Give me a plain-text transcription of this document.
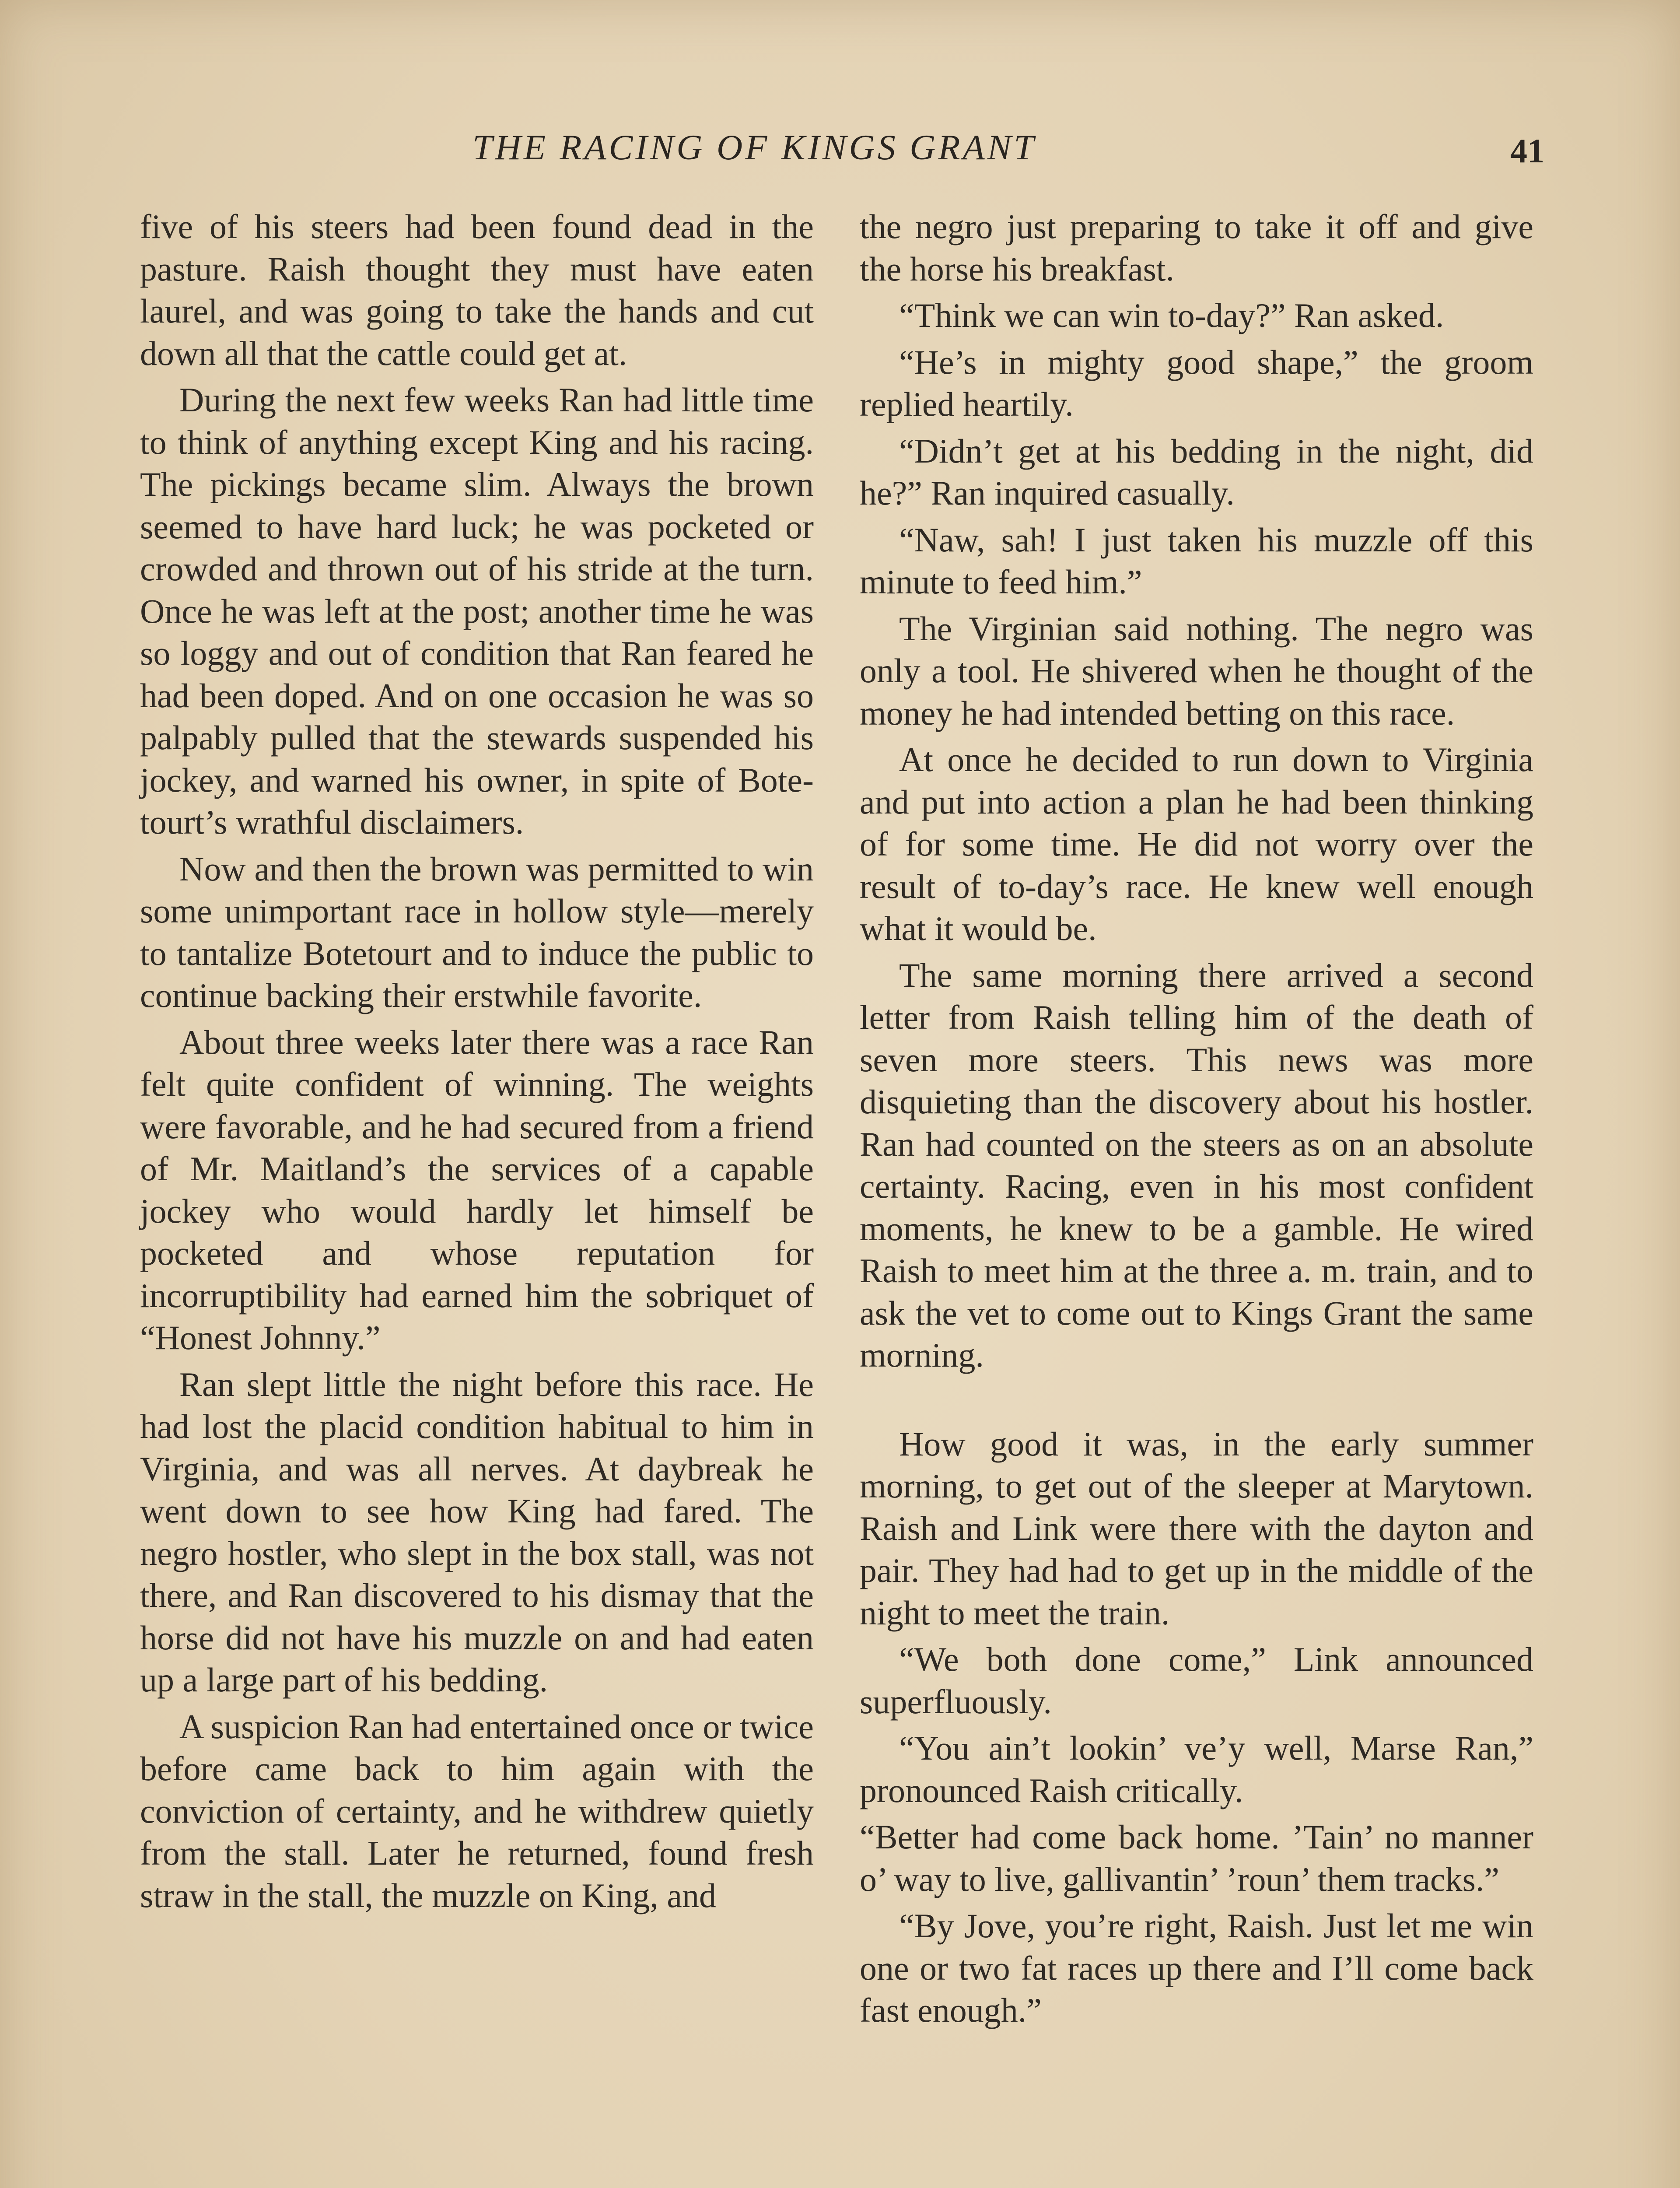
THE RACING OF KINGS GRANT	41

five of his steers had been found dead in the pasture. Raish thought they must have eaten laurel, and was going to take the hands and cut down all that the cattle could get at.

During the next few weeks Ran had little time to think of anything except King and his racing. The pickings became slim. Always the brown seemed to have hard luck; he was pocketed or crowded and thrown out of his stride at the turn. Once he was left at the post; another time he was so loggy and out of condition that Ran feared he had been doped. And on one occasion he was so palpably pulled that the stewards suspended his jockey, and warned his owner, in spite of Botetourt’s wrathful disclaimers.

Now and then the brown was permitted to win some unimportant race in hollow style—merely to tantalize Botetourt and to induce the public to continue backing their erstwhile favorite.

About three weeks later there was a race Ran felt quite confident of winning. The weights were favorable, and he had secured from a friend of Mr. Maitland’s the services of a capable jockey who would hardly let himself be pocketed and whose reputation for incorruptibility had earned him the sobriquet of “Honest Johnny.”

Ran slept little the night before this race. He had lost the placid condition habitual to him in Virginia, and was all nerves. At daybreak he went down to see how King had fared. The negro hostler, who slept in the box stall, was not there, and Ran discovered to his dismay that the horse did not have his muzzle on and had eaten up a large part of his bedding.

A suspicion Ran had entertained once or twice before came back to him again with the conviction of certainty, and he withdrew quietly from the stall. Later he returned, found fresh straw in the stall, the muzzle on King, and

the negro just preparing to take it off and give the horse his breakfast.

“Think we can win to-day?” Ran asked.

“He’s in mighty good shape,” the groom replied heartily.

“Didn’t get at his bedding in the night, did he?” Ran inquired casually.

“Naw, sah! I just taken his muzzle off this minute to feed him.”

The Virginian said nothing. The negro was only a tool. He shivered when he thought of the money he had intended betting on this race.

At once he decided to run down to Virginia and put into action a plan he had been thinking of for some time. He did not worry over the result of to-day’s race. He knew well enough what it would be.

The same morning there arrived a second letter from Raish telling him of the death of seven more steers. This news was more disquieting than the discovery about his hostler. Ran had counted on the steers as on an absolute certainty. Racing, even in his most confident moments, he knew to be a gamble. He wired Raish to meet him at the three a. m. train, and to ask the vet to come out to Kings Grant the same morning.

How good it was, in the early summer morning, to get out of the sleeper at Marytown. Raish and Link were there with the dayton and pair. They had had to get up in the middle of the night to meet the train.

“We both done come,” Link announced superfluously.

“You ain’t lookin’ ve’y well, Marse Ran,” pronounced Raish critically.

“Better had come back home. ’Tain’ no manner o’ way to live, gallivantin’ ’roun’ them tracks.”

“By Jove, you’re right, Raish. Just let me win one or two fat races up there and I’ll come back fast enough.”
